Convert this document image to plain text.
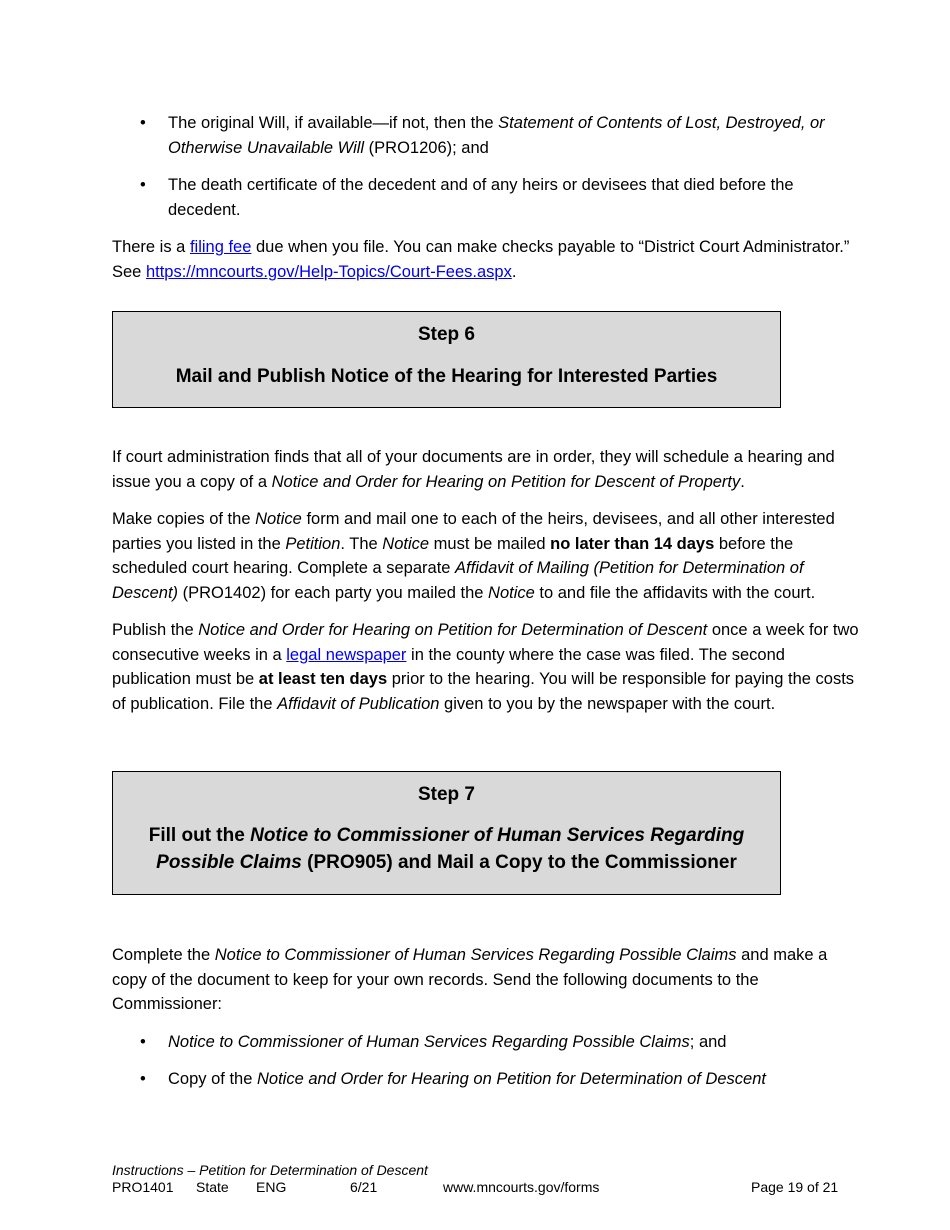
• The original Will, if available—if not, then the Statement of Contents of Lost, Destroyed, or Otherwise Unavailable Will (PRO1206); and
• The death certificate of the decedent and of any heirs or devisees that died before the decedent.

There is a filing fee due when you file. You can make checks payable to “District Court Administrator.” See https://mncourts.gov/Help-Topics/Court-Fees.aspx.

Step 6
Mail and Publish Notice of the Hearing for Interested Parties

If court administration finds that all of your documents are in order, they will schedule a hearing and issue you a copy of a Notice and Order for Hearing on Petition for Descent of Property.

Make copies of the Notice form and mail one to each of the heirs, devisees, and all other interested parties you listed in the Petition. The Notice must be mailed no later than 14 days before the scheduled court hearing. Complete a separate Affidavit of Mailing (Petition for Determination of Descent) (PRO1402) for each party you mailed the Notice to and file the affidavits with the court.

Publish the Notice and Order for Hearing on Petition for Determination of Descent once a week for two consecutive weeks in a legal newspaper in the county where the case was filed. The second publication must be at least ten days prior to the hearing. You will be responsible for paying the costs of publication. File the Affidavit of Publication given to you by the newspaper with the court.

Step 7
Fill out the Notice to Commissioner of Human Services Regarding Possible Claims (PRO905) and Mail a Copy to the Commissioner

Complete the Notice to Commissioner of Human Services Regarding Possible Claims and make a copy of the document to keep for your own records. Send the following documents to the Commissioner:

• Notice to Commissioner of Human Services Regarding Possible Claims; and
• Copy of the Notice and Order for Hearing on Petition for Determination of Descent
Instructions – Petition for Determination of Descent
PRO1401 State ENG	6/21	www.mncourts.gov/forms	Page 19 of 21
